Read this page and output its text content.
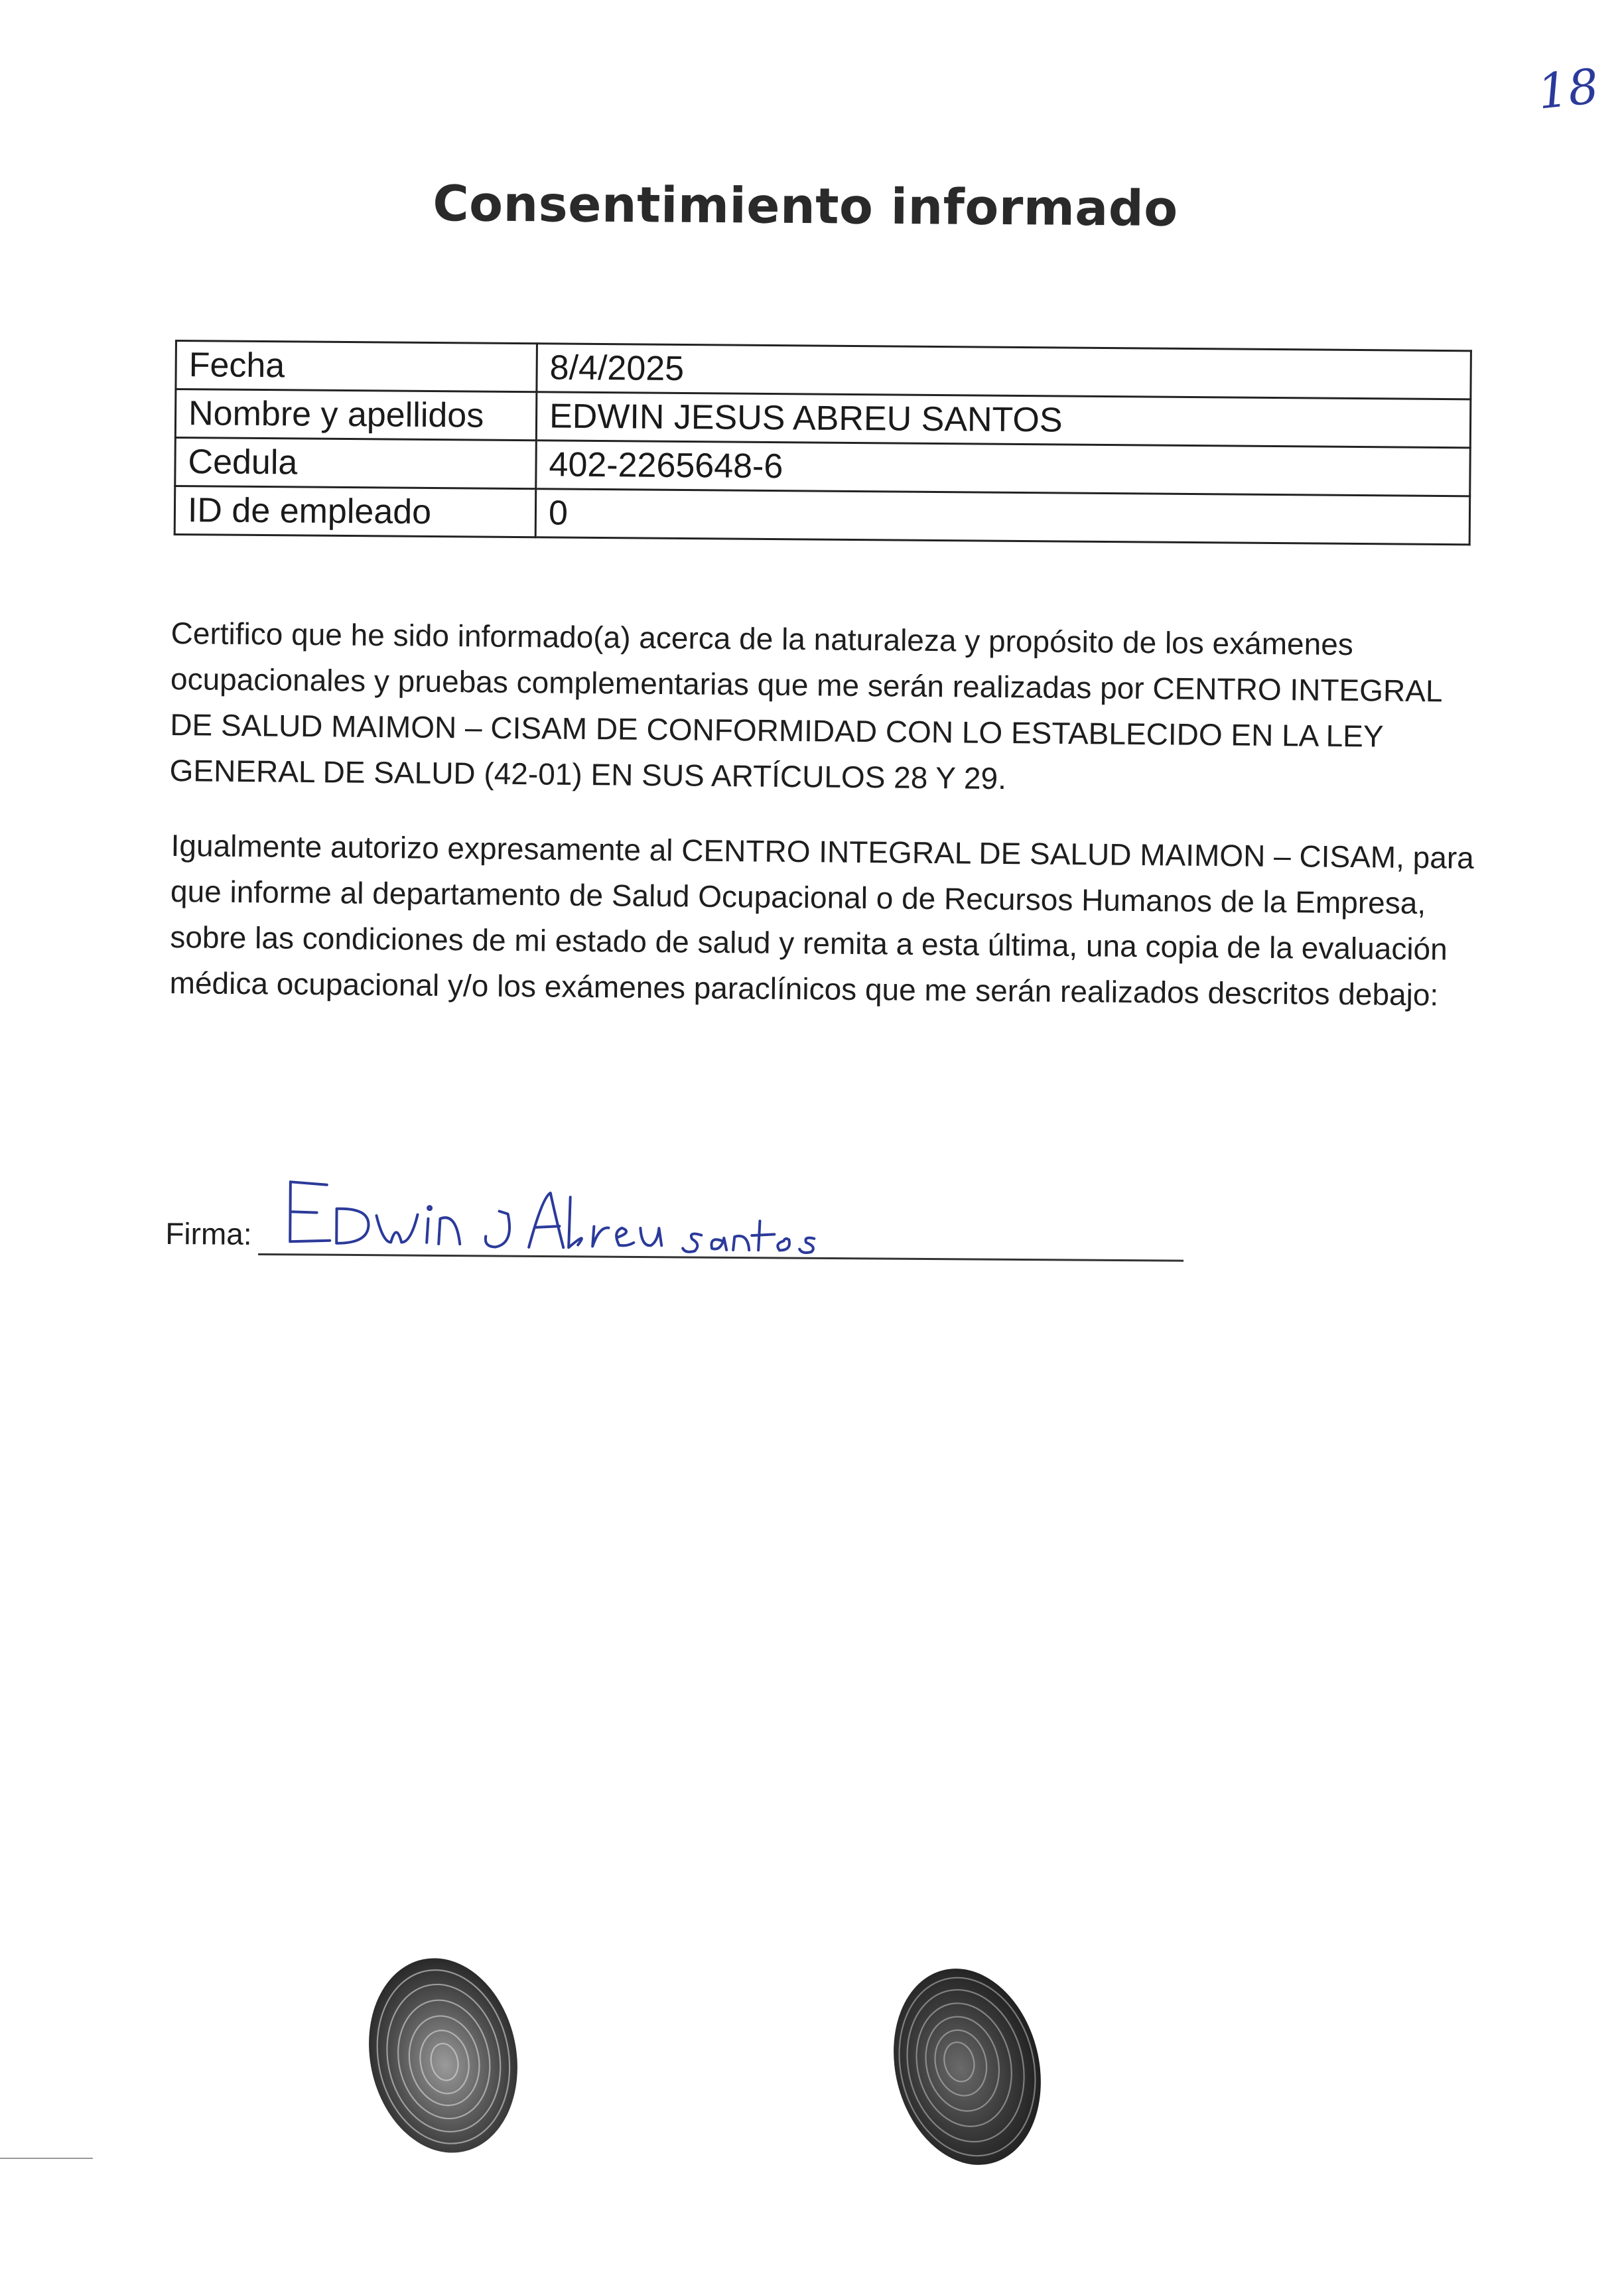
18
Consentimiento informado
Fecha	8/4/2025
Nombre y apellidos	EDWIN JESUS ABREU SANTOS
Cedula	402-2265648-6
ID de empleado	0

Certifico que he sido informado(a) acerca de la naturaleza y propósito de los exámenes ocupacionales y pruebas complementarias que me serán realizadas por CENTRO INTEGRAL DE SALUD MAIMON – CISAM DE CONFORMIDAD CON LO ESTABLECIDO EN LA LEY GENERAL DE SALUD (42-01) EN SUS ARTÍCULOS 28 Y 29.

Igualmente autorizo expresamente al CENTRO INTEGRAL DE SALUD MAIMON – CISAM, para que informe al departamento de Salud Ocupacional o de Recursos Humanos de la Empresa, sobre las condiciones de mi estado de salud y remita a esta última, una copia de la evaluación médica ocupacional y/o los exámenes paraclínicos que me serán realizados descritos debajo:

Firma:
